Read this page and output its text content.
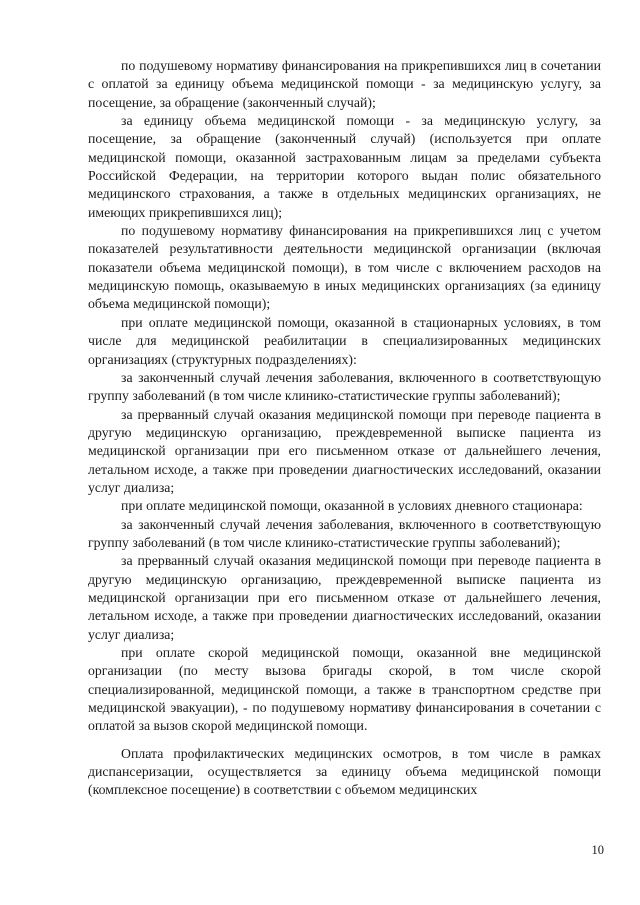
по подушевому нормативу финансирования на прикрепившихся лиц в сочетании с оплатой за единицу объема медицинской помощи - за медицинскую услугу, за посещение, за обращение (законченный случай);

за единицу объема медицинской помощи - за медицинскую услугу, за посещение, за обращение (законченный случай) (используется при оплате медицинской помощи, оказанной застрахованным лицам за пределами субъекта Российской Федерации, на территории которого выдан полис обязательного медицинского страхования, а также в отдельных медицинских организациях, не имеющих прикрепившихся лиц);

по подушевому нормативу финансирования на прикрепившихся лиц с учетом показателей результативности деятельности медицинской организации (включая показатели объема медицинской помощи), в том числе с включением расходов на медицинскую помощь, оказываемую в иных медицинских организациях (за единицу объема медицинской помощи);

при оплате медицинской помощи, оказанной в стационарных условиях, в том числе для медицинской реабилитации в специализированных медицинских организациях (структурных подразделениях):

за законченный случай лечения заболевания, включенного в соответствующую группу заболеваний (в том числе клинико-статистические группы заболеваний);

за прерванный случай оказания медицинской помощи при переводе пациента в другую медицинскую организацию, преждевременной выписке пациента из медицинской организации при его письменном отказе от дальнейшего лечения, летальном исходе, а также при проведении диагностических исследований, оказании услуг диализа;

при оплате медицинской помощи, оказанной в условиях дневного стационара:

за законченный случай лечения заболевания, включенного в соответствующую группу заболеваний (в том числе клинико-статистические группы заболеваний);

за прерванный случай оказания медицинской помощи при переводе пациента в другую медицинскую организацию, преждевременной выписке пациента из медицинской организации при его письменном отказе от дальнейшего лечения, летальном исходе, а также при проведении диагностических исследований, оказании услуг диализа;

при оплате скорой медицинской помощи, оказанной вне медицинской организации (по месту вызова бригады скорой, в том числе скорой специализированной, медицинской помощи, а также в транспортном средстве при медицинской эвакуации), - по подушевому нормативу финансирования в сочетании с оплатой за вызов скорой медицинской помощи.

Оплата профилактических медицинских осмотров, в том числе в рамках диспансеризации, осуществляется за единицу объема медицинской помощи (комплексное посещение) в соответствии с объемом медицинских

10
